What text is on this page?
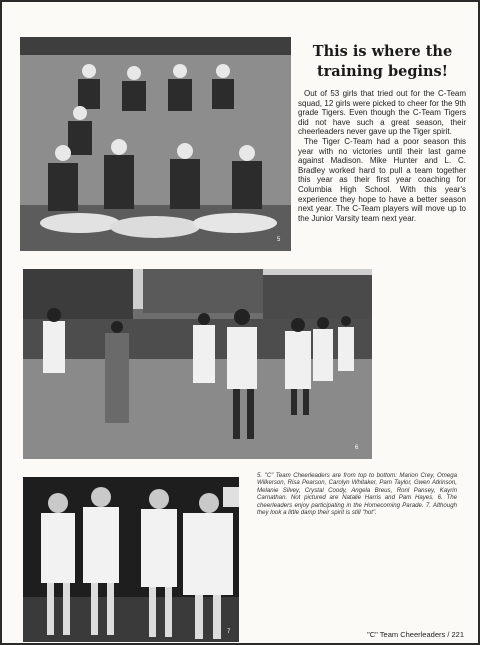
5
This is where the
training begins!

Out of 53 girls that tried out for the C-Team squad, 12 girls were picked to cheer for the 9th grade Tigers. Even though the C-Team Tigers did not have such a great season, their cheerleaders never gave up the Tiger spirit.

The Tiger C-Team had a poor season this year with no victories until their last game against Madison. Mike Hunter and L. C. Bradley worked hard to pull a team together this year as their first year coaching for Columbia High School. With this year's experience they hope to have a better season next year. The C-Team players will move up to the Junior Varsity team next year.

6
7
5. "C" Team Cheerleaders are from top to bottom: Marion Crey, Omega Wilkerson, Risa Pearson, Carolyn Whitaker, Pam Taylor, Gwen Atkinson, Melanie Silvey, Crystal Coody, Angela Breus, Ronl Pansey, Kayrin Carnathan. Not pictured are Natalie Harris and Pam Hayes. 6. The cheerleaders enjoy participating in the Homecoming Parade. 7. Although they look a little damp their spirit is still "hot".
"C" Team Cheerleaders / 221
